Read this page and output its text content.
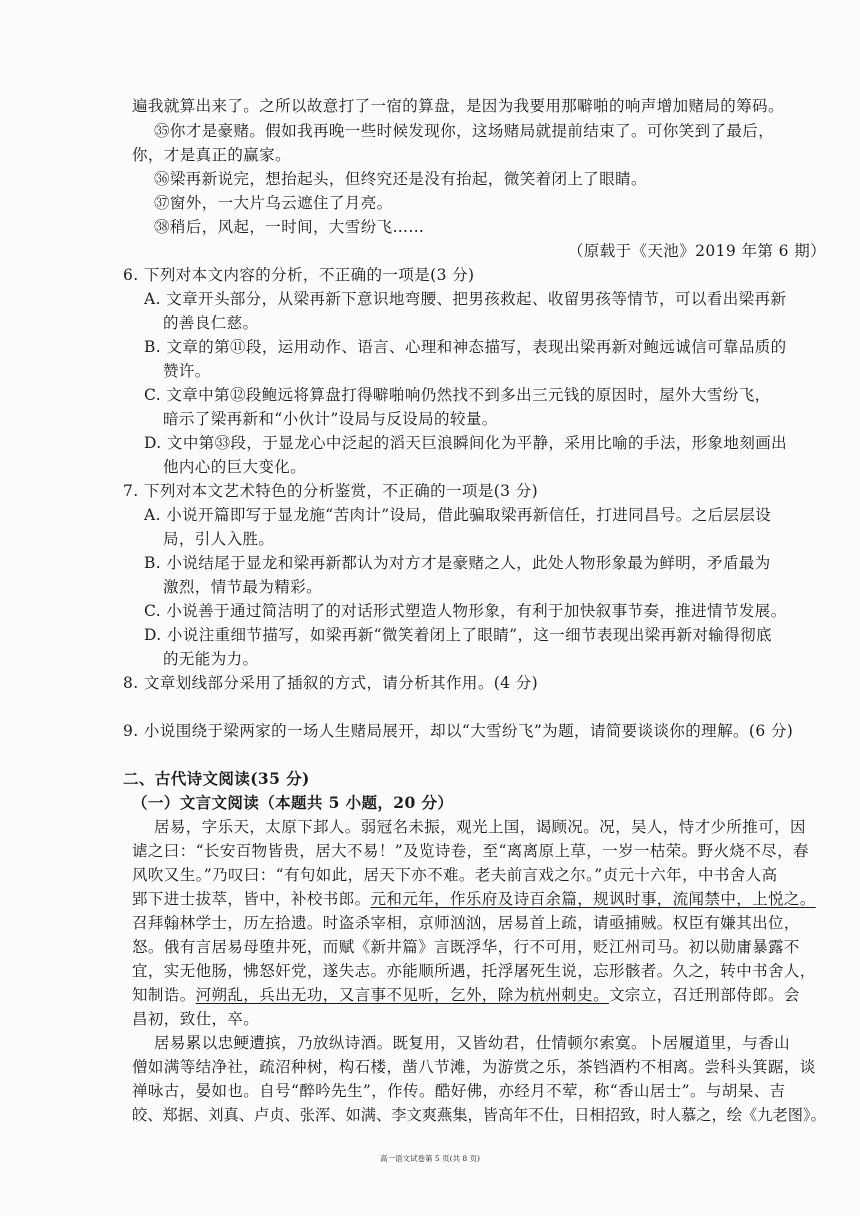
遍我就算出来了。之所以故意打了一宿的算盘，是因为我要用那噼啪的响声增加赌局的筹码。
㉟你才是豪赌。假如我再晚一些时候发现你，这场赌局就提前结束了。可你笑到了最后，
你，才是真正的赢家。
㊱梁再新说完，想抬起头，但终究还是没有抬起，微笑着闭上了眼睛。
㊲窗外，一大片乌云遮住了月亮。
㊳稍后，风起，一时间，大雪纷飞……
（原载于《天池》2019 年第 6 期）
6. 下列对本文内容的分析，不正确的一项是(3 分)
A. 文章开头部分，从梁再新下意识地弯腰、把男孩救起、收留男孩等情节，可以看出梁再新
的善良仁慈。
B. 文章的第⑪段，运用动作、语言、心理和神态描写，表现出梁再新对鲍远诚信可靠品质的
赞许。
C. 文章中第⑫段鲍远将算盘打得噼啪响仍然找不到多出三元钱的原因时，屋外大雪纷飞，
暗示了梁再新和“小伙计”设局与反设局的较量。
D. 文中第㉝段，于显龙心中泛起的滔天巨浪瞬间化为平静，采用比喻的手法，形象地刻画出
他内心的巨大变化。
7. 下列对本文艺术特色的分析鉴赏，不正确的一项是(3 分)
A. 小说开篇即写于显龙施“苦肉计”设局，借此骗取梁再新信任，打进同昌号。之后层层设
局，引人入胜。
B. 小说结尾于显龙和梁再新都认为对方才是豪赌之人，此处人物形象最为鲜明，矛盾最为
激烈，情节最为精彩。
C. 小说善于通过简洁明了的对话形式塑造人物形象，有利于加快叙事节奏，推进情节发展。
D. 小说注重细节描写，如梁再新“微笑着闭上了眼睛”，这一细节表现出梁再新对输得彻底
的无能为力。
8. 文章划线部分采用了插叙的方式，请分析其作用。(4 分)
9. 小说围绕于梁两家的一场人生赌局展开，却以“大雪纷飞”为题，请简要谈谈你的理解。(6 分)
二、古代诗文阅读(35 分)
（一）文言文阅读（本题共 5 小题，20 分）
居易，字乐天，太原下邽人。弱冠名未振，观光上国，谒顾况。况，吴人，恃才少所推可，因
谑之曰：“长安百物皆贵，居大不易！”及览诗卷，至“离离原上草，一岁一枯荣。野火烧不尽，春
风吹又生。”乃叹曰：“有句如此，居天下亦不难。老夫前言戏之尔。”贞元十六年，中书舍人高
郢下进士拔萃，皆中，补校书郎。元和元年，作乐府及诗百余篇，规讽时事，流闻禁中，上悦之。
召拜翰林学士，历左拾遗。时盗杀宰相，京师汹汹，居易首上疏，请亟捕贼。权臣有嫌其出位，
怒。俄有言居易母堕井死，而赋《新井篇》言既浮华，行不可用，贬江州司马。初以勋庸暴露不
宜，实无他肠，怫怒奸党，遂失志。亦能顺所遇，托浮屠死生说，忘形骸者。久之，转中书舍人，
知制诰。河朔乱，兵出无功，又言事不见听，乞外，除为杭州刺史。文宗立，召迁刑部侍郎。会
昌初，致仕，卒。
居易累以忠鲠遭摈，乃放纵诗酒。既复用，又皆幼君，仕情顿尔索寞。卜居履道里，与香山
僧如满等结净社，疏沼种树，构石楼，凿八节滩，为游赏之乐，茶铛酒杓不相离。尝科头箕踞，谈
禅咏古，晏如也。自号“醉吟先生”，作传。酷好佛，亦经月不荤，称“香山居士”。与胡杲、吉
皎、郑据、刘真、卢贞、张浑、如满、李文爽燕集，皆高年不仕，日相招致，时人慕之，绘《九老图》。
高一语文试卷第 5 页(共 8 页)
